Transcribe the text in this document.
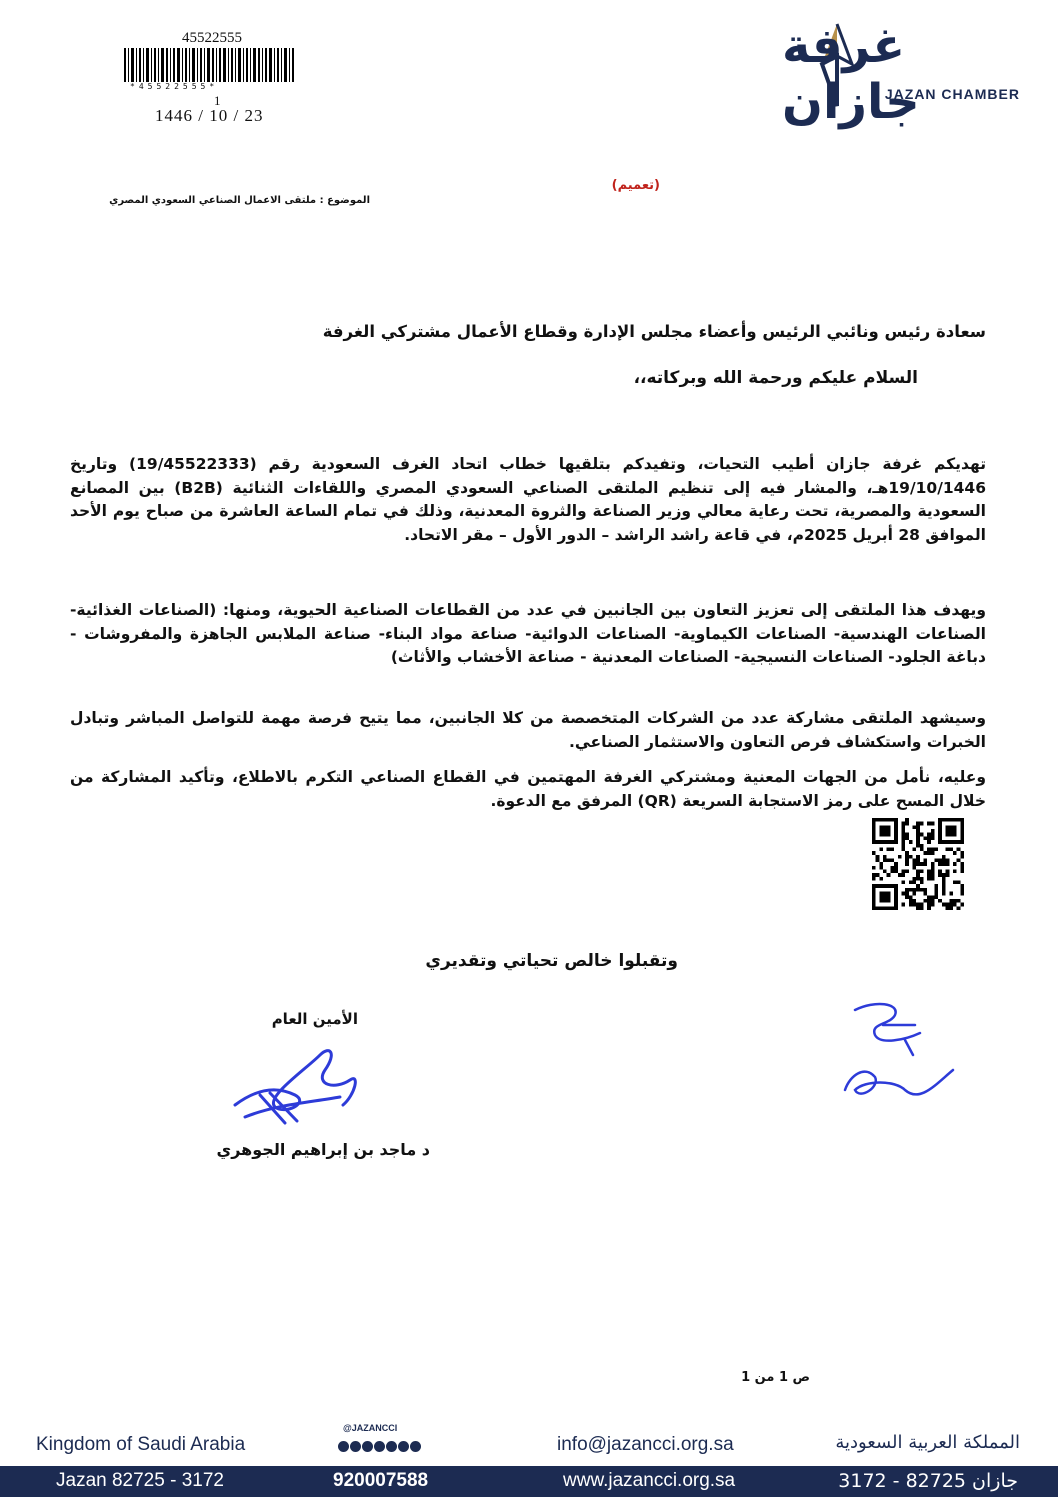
غرفة جازان
JAZAN CHAMBER
45522555
*45522555*
1
1446 / 10 / 23
(تعميم)
الموضوع : ملتقى الاعمال الصناعي السعودي المصري
سعادة رئيس ونائبي الرئيس وأعضاء مجلس الإدارة وقطاع الأعمال مشتركي الغرفة
السلام عليكم ورحمة الله وبركاته،،
تهديكم غرفة جازان أطيب التحيات، وتفيدكم بتلقيها خطاب اتحاد الغرف السعودية رقم (19/45522333) وتاريخ 19/10/1446هـ، والمشار فيه إلى تنظيم الملتقى الصناعي السعودي المصري واللقاءات الثنائية (B2B) بين المصانع السعودية والمصرية، تحت رعاية معالي وزير الصناعة والثروة المعدنية، وذلك في تمام الساعة العاشرة من صباح يوم الأحد الموافق 28 أبريل 2025م، في قاعة راشد الراشد – الدور الأول – مقر الاتحاد.
ويهدف هذا الملتقى إلى تعزيز التعاون بين الجانبين في عدد من القطاعات الصناعية الحيوية، ومنها: (الصناعات الغذائية- الصناعات الهندسية- الصناعات الكيماوية- الصناعات الدوائية- صناعة مواد البناء- صناعة الملابس الجاهزة والمفروشات - دباغة الجلود- الصناعات النسيجية- الصناعات المعدنية - صناعة الأخشاب والأثاث)
وسيشهد الملتقى مشاركة عدد من الشركات المتخصصة من كلا الجانبين، مما يتيح فرصة مهمة للتواصل المباشر وتبادل الخبرات واستكشاف فرص التعاون والاستثمار الصناعي.
وعليه، نأمل من الجهات المعنية ومشتركي الغرفة المهتمين في القطاع الصناعي التكرم بالاطلاع، وتأكيد المشاركة من خلال المسح على رمز الاستجابة السريعة (QR) المرفق مع الدعوة.
وتقبلوا خالص تحياتي وتقديري
الأمين العام
د ماجد بن إبراهيم الجوهري
ص 1 من 1
Kingdom of Saudi Arabia
@JAZANCCI
info@jazancci.org.sa	المملكة العربية السعودية
Jazan 82725 - 3172	920007588	www.jazancci.org.sa	جازان 82725 - 3172
